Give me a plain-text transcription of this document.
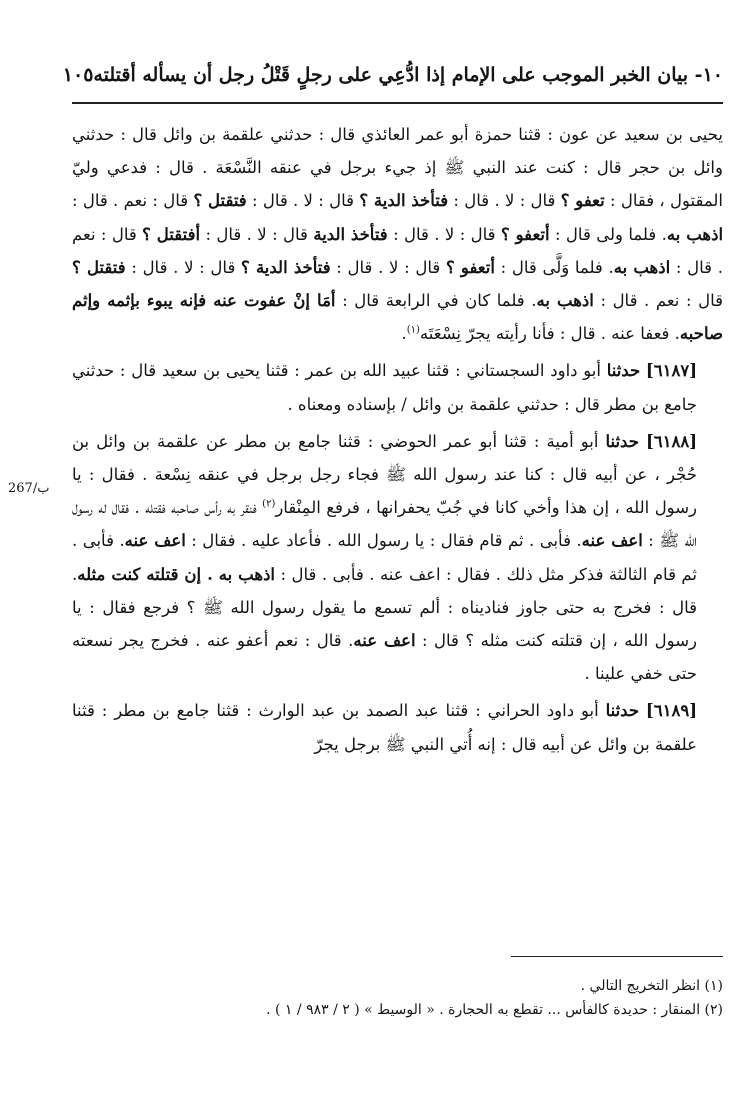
١٠- بيان الخبر الموجب على الإمام إذا ادُّعِي على رجلٍ قَتْلُ رجل أن يسأله أقتلته
١٠٥
267/ب

يحيى بن سعيد عن عون : قثنا حمزة أبو عمر العائذي قال : حدثني علقمة بن وائل قال : حدثني وائل بن حجر قال : كنت عند النبي ﷺ إذ جيء برجل في عنقه النَّسْعَة . قال : فدعي وليّ المقتول ، فقال : تعفو ؟ قال : لا . قال : فتأخذ الدية ؟ قال : لا . قال : فتقتل ؟ قال : نعم . قال : اذهب به. فلما ولى قال : أتعفو ؟ قال : لا . قال : فتأخذ الدية قال : لا . قال : أفتقتل ؟ قال : نعم . قال : اذهب به. فلما وَلَّى قال : أتعفو ؟ قال : لا . قال : فتأخذ الدية ؟ قال : لا . قال : فتقتل ؟ قال : نعم . قال : اذهب به. فلما كان في الرابعة قال : أمَا إنْ عفوت عنه فإنه يبوء بإثمه وإثم صاحبه. فعفا عنه . قال : فأنا رأيته يجرّ نِسْعَتَه$^{(١)}$.

[٦١٨٧] حدثنا أبو داود السجستاني : قثنا عبيد الله بن عمر : قثنا يحيى بن سعيد قال : حدثني جامع بن مطر قال : حدثني علقمة بن وائل / بإسناده ومعناه .

[٦١٨٨] حدثنا أبو أمية : قثنا أبو عمر الحوضي : قثنا جامع بن مطر عن علقمة بن وائل بن حُجْر ، عن أبيه قال : كنا عند رسول الله ﷺ فجاء رجل برجل في عنقه نِسْعة . فقال : يا رسول الله ، إن هذا وأخي كانا في جُبّ يحفرانها ، فرفع المِنْقار$^{(٢)}$ فنقر به رأس صاحبه فقتله . فقال له رسول الله ﷺ : اعف عنه. فأبى . ثم قام فقال : يا رسول الله . فأعاد عليه . فقال : اعف عنه. فأبى . ثم قام الثالثة فذكر مثل ذلك . فقال : اعف عنه . فأبى . قال : اذهب به . إن قتلته كنت مثله. قال : فخرج به حتى جاوز فناديناه : ألم تسمع ما يقول رسول الله ﷺ ؟ فرجع فقال : يا رسول الله ، إن قتلته كنت مثله ؟ قال : اعف عنه. قال : نعم أعفو عنه . فخرج يجر نسعته حتى خفي علينا .

[٦١٨٩] حدثنا أبو داود الحراني : قثنا عبد الصمد بن عبد الوارث : قثنا جامع بن مطر : قثنا علقمة بن وائل عن أبيه قال : إنه أُتي النبي ﷺ برجل يجرّ

(١) انظر التخريج التالي .

(٢) المنقار : حديدة كالفأس ... تقطع به الحجارة . « الوسيط » ( ٢ / ٩٨٣ / ١ ) .
